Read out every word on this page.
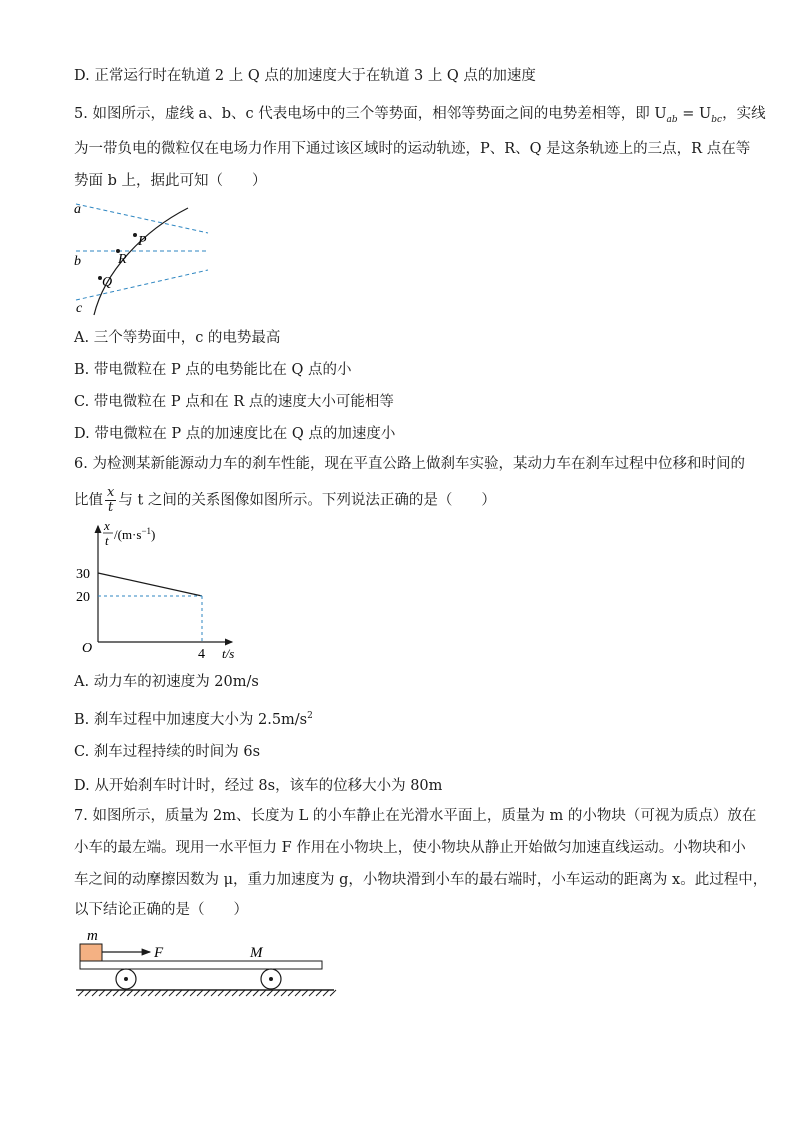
D. 正常运行时在轨道 2 上 Q 点的加速度大于在轨道 3 上 Q 点的加速度
5. 如图所示，虚线 a、b、c 代表电场中的三个等势面，相邻等势面之间的电势差相等，即 $U_{ab} = U_{bc}$，实线
为一带负电的微粒仅在电场力作用下通过该区域时的运动轨迹，P、R、Q 是这条轨迹上的三点，R 点在等
势面 b 上，据此可知（　　）
a
b
c
P
R
Q
A. 三个等势面中，c 的电势最高
B. 带电微粒在 P 点的电势能比在 Q 点的小
C. 带电微粒在 P 点和在 R 点的速度大小可能相等
D. 带电微粒在 P 点的加速度比在 Q 点的加速度小
6. 为检测某新能源动力车的刹车性能，现在平直公路上做刹车实验，某动力车在刹车过程中位移和时间的
比值 $\frac{x}{t}$ 与 t 之间的关系图像如图所示。下列说法正确的是（　　）
x
t $/(m\cdot s^{-1})$
O	t/s
30
20
4
A. 动力车的初速度为 20m/s
B. 刹车过程中加速度大小为 $2.5m/s^2$
C. 刹车过程持续的时间为 6s
D. 从开始刹车时计时，经过 8s，该车的位移大小为 80m
7. 如图所示，质量为 2m、长度为 L 的小车静止在光滑水平面上，质量为 m 的小物块（可视为质点）放在
小车的最左端。现用一水平恒力 F 作用在小物块上，使小物块从静止开始做匀加速直线运动。小物块和小
车之间的动摩擦因数为 μ，重力加速度为 g，小物块滑到小车的最右端时，小车运动的距离为 x。此过程中，
以下结论正确的是（　　）
m
F	M
